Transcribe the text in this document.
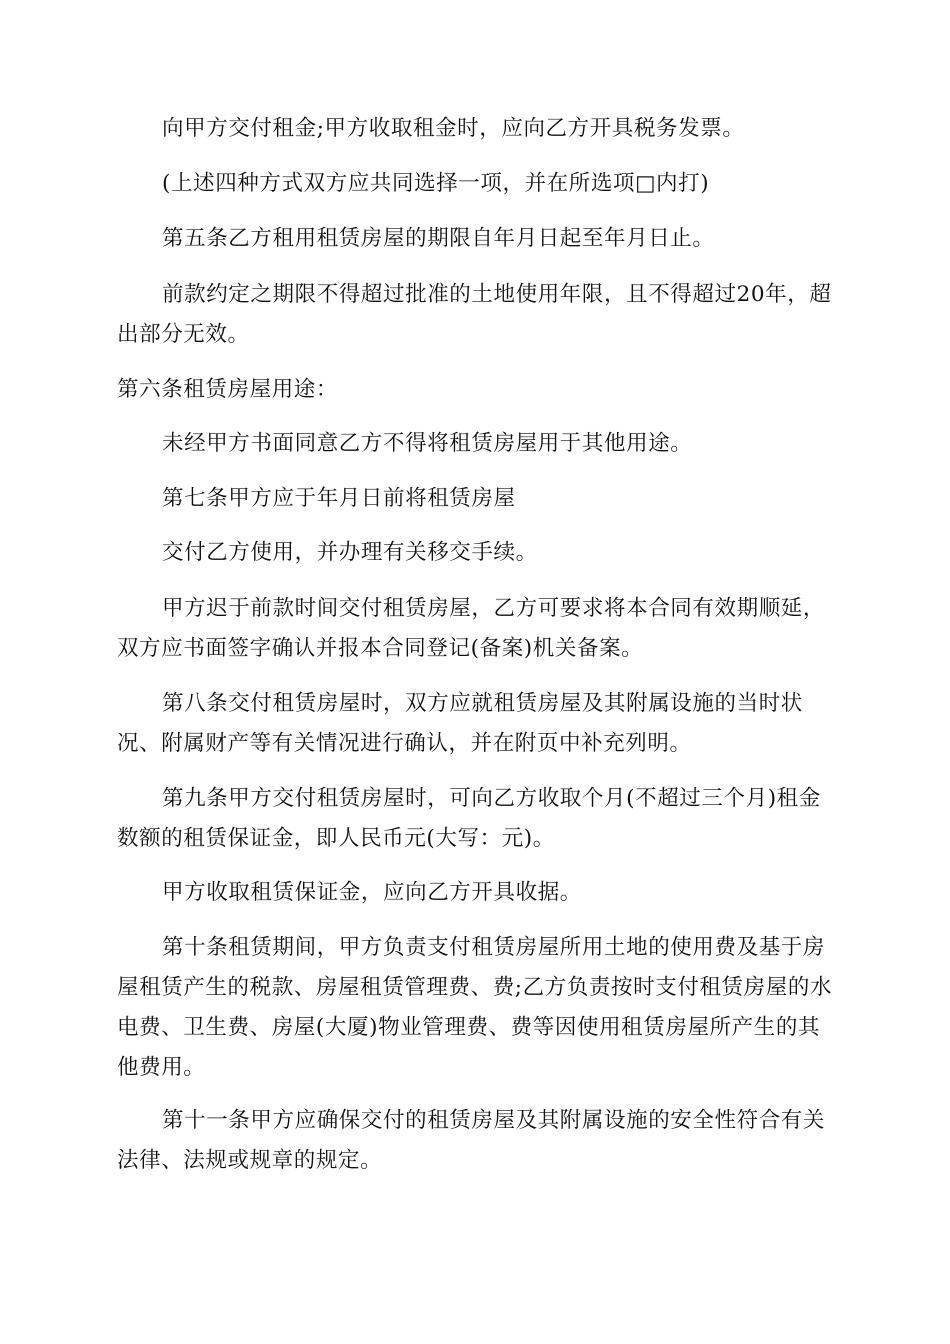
向甲方交付租金;甲方收取租金时，应向乙方开具税务发票。

(上述四种方式双方应共同选择一项，并在所选项□内打)

第五条乙方租用租赁房屋的期限自年月日起至年月日止。

前款约定之期限不得超过批准的土地使用年限，且不得超过20年，超出部分无效。

第六条租赁房屋用途：

未经甲方书面同意乙方不得将租赁房屋用于其他用途。

第七条甲方应于年月日前将租赁房屋

交付乙方使用，并办理有关移交手续。

甲方迟于前款时间交付租赁房屋，乙方可要求将本合同有效期顺延，双方应书面签字确认并报本合同登记(备案)机关备案。

第八条交付租赁房屋时，双方应就租赁房屋及其附属设施的当时状况、附属财产等有关情况进行确认，并在附页中补充列明。

第九条甲方交付租赁房屋时，可向乙方收取个月(不超过三个月)租金数额的租赁保证金，即人民币元(大写：元)。

甲方收取租赁保证金，应向乙方开具收据。

第十条租赁期间，甲方负责支付租赁房屋所用土地的使用费及基于房屋租赁产生的税款、房屋租赁管理费、费;乙方负责按时支付租赁房屋的水电费、卫生费、房屋(大厦)物业管理费、费等因使用租赁房屋所产生的其他费用。

第十一条甲方应确保交付的租赁房屋及其附属设施的安全性符合有关法律、法规或规章的规定。
